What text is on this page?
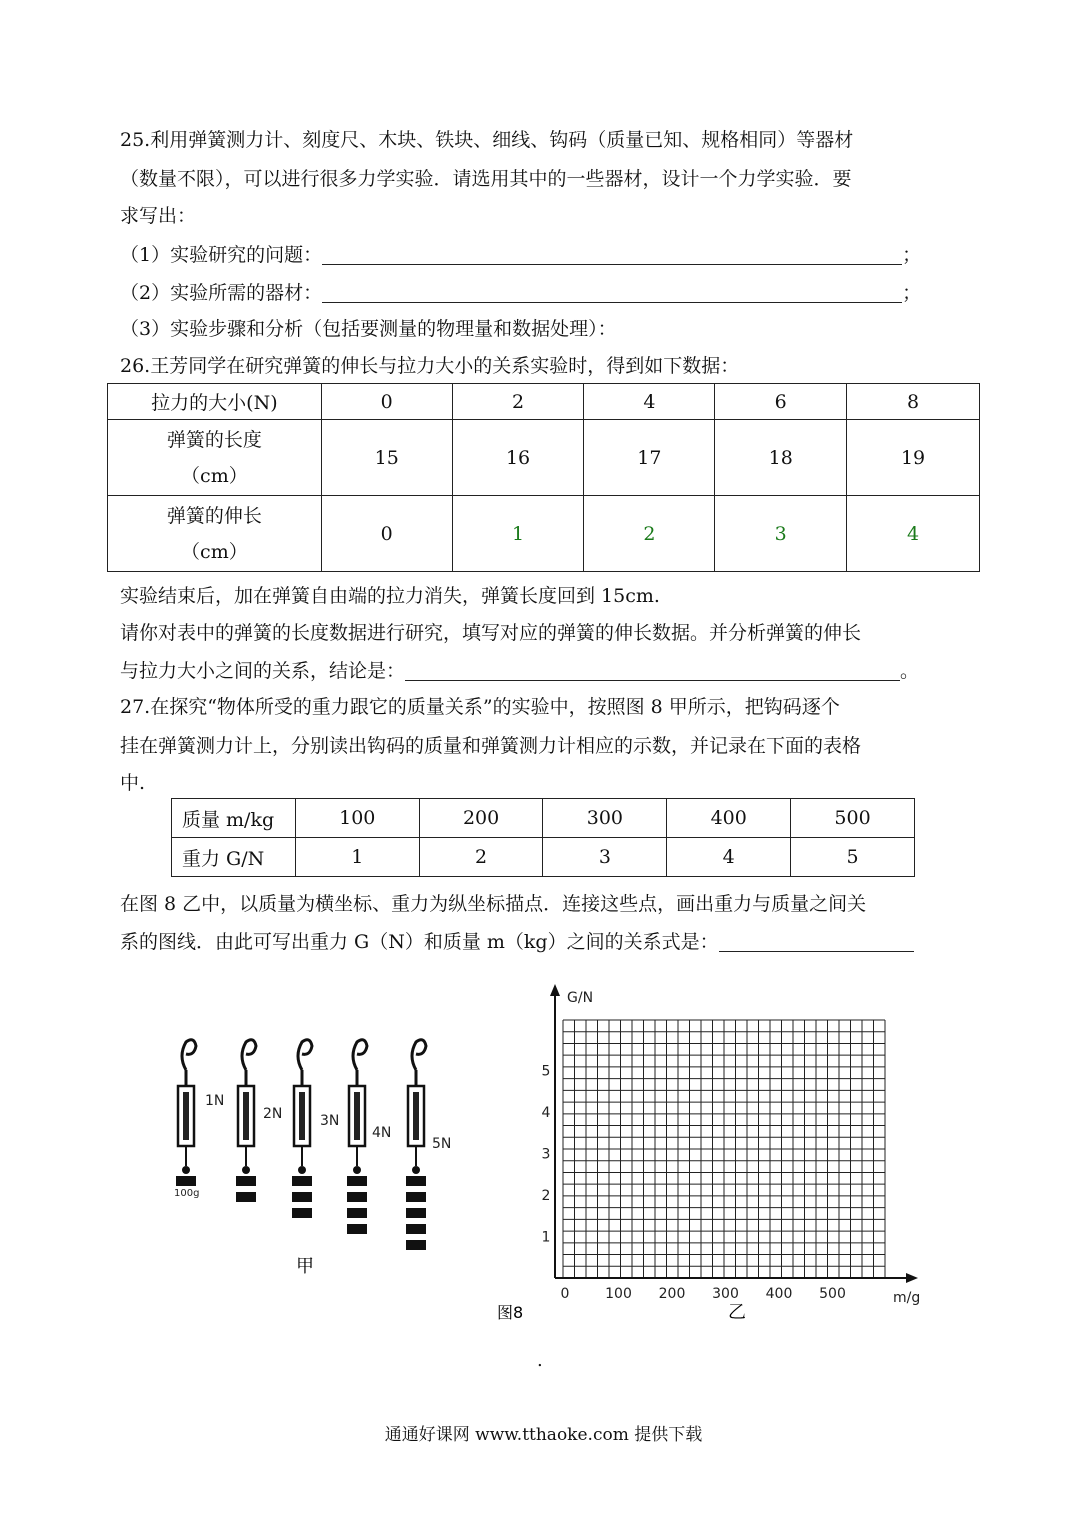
25.利用弹簧测力计、刻度尺、木块、铁块、细线、钩码（质量已知、规格相同）等器材
（数量不限），可以进行很多力学实验．请选用其中的一些器材，设计一个力学实验．要
求写出：
（1）实验研究的问题：	；
（2）实验所需的器材：	；
（3）实验步骤和分析（包括要测量的物理量和数据处理）：
26.王芳同学在研究弹簧的伸长与拉力大小的关系实验时，得到如下数据：
拉力的大小(N)	0	2	4	6	8

弹簧的长度
（cm）	15	16	17	18	19

弹簧的伸长
（cm）	0	1	2	3	4
实验结束后，加在弹簧自由端的拉力消失，弹簧长度回到 15cm.
请你对表中的弹簧的长度数据进行研究，填写对应的弹簧的伸长数据。并分析弹簧的伸长
与拉力大小之间的关系，结论是：	。
27.在探究“物体所受的重力跟它的质量关系”的实验中，按照图 8 甲所示，把钩码逐个
挂在弹簧测力计上，分别读出钩码的质量和弹簧测力计相应的示数，并记录在下面的表格
中.
质量 m/kg	100	200	300	400	500
重力 G/N	1	2	3	4	5
在图 8 乙中，以质量为横坐标、重力为纵坐标描点．连接这些点，画出重力与质量之间关
系的图线．由此可写出重力 G（N）和质量 m（kg）之间的关系式是：
1N
2N	3N
4N
5N
100g
甲
G/N
m/g
0	100 200 300 400 500
1
2
3
4
5
乙
图8
.
通通好课网 www.tthaoke.com 提供下载
